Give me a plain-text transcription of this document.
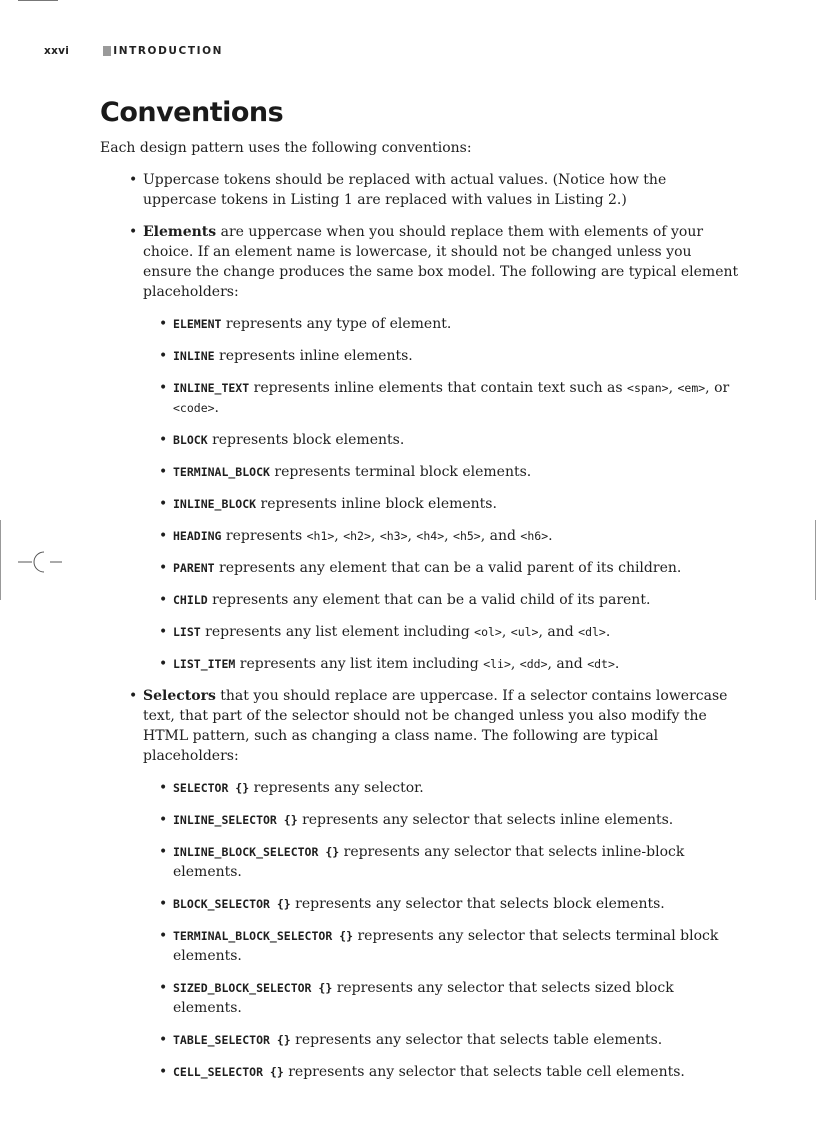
xxvi	INTRODUCTION
Conventions

Each design pattern uses the following conventions:

• Uppercase tokens should be replaced with actual values. (Notice how the uppercase tokens in Listing 1 are replaced with values in Listing 2.)
• Elements are uppercase when you should replace them with elements of your choice. If an element name is lowercase, it should not be changed unless you ensure the change produces the same box model. The following are typical element placeholders:
• ELEMENT represents any type of element.
• INLINE represents inline elements.
• INLINE_TEXT represents inline elements that contain text such as <span>, <em>, or <code>.
• BLOCK represents block elements.
• TERMINAL_BLOCK represents terminal block elements.
• INLINE_BLOCK represents inline block elements.
• HEADING represents <h1>, <h2>, <h3>, <h4>, <h5>, and <h6>.
• PARENT represents any element that can be a valid parent of its children.
• CHILD represents any element that can be a valid child of its parent.
• LIST represents any list element including <ol>, <ul>, and <dl>.
• LIST_ITEM represents any list item including <li>, <dd>, and <dt>.
• Selectors that you should replace are uppercase. If a selector contains lowercase text, that part of the selector should not be changed unless you also modify the HTML pattern, such as changing a class name. The following are typical placeholders:
• SELECTOR {} represents any selector.
• INLINE_SELECTOR {} represents any selector that selects inline elements.
• INLINE_BLOCK_SELECTOR {} represents any selector that selects inline-block elements.
• BLOCK_SELECTOR {} represents any selector that selects block elements.
• TERMINAL_BLOCK_SELECTOR {} represents any selector that selects terminal block elements.
• SIZED_BLOCK_SELECTOR {} represents any selector that selects sized block elements.
• TABLE_SELECTOR {} represents any selector that selects table elements.
• CELL_SELECTOR {} represents any selector that selects table cell elements.
